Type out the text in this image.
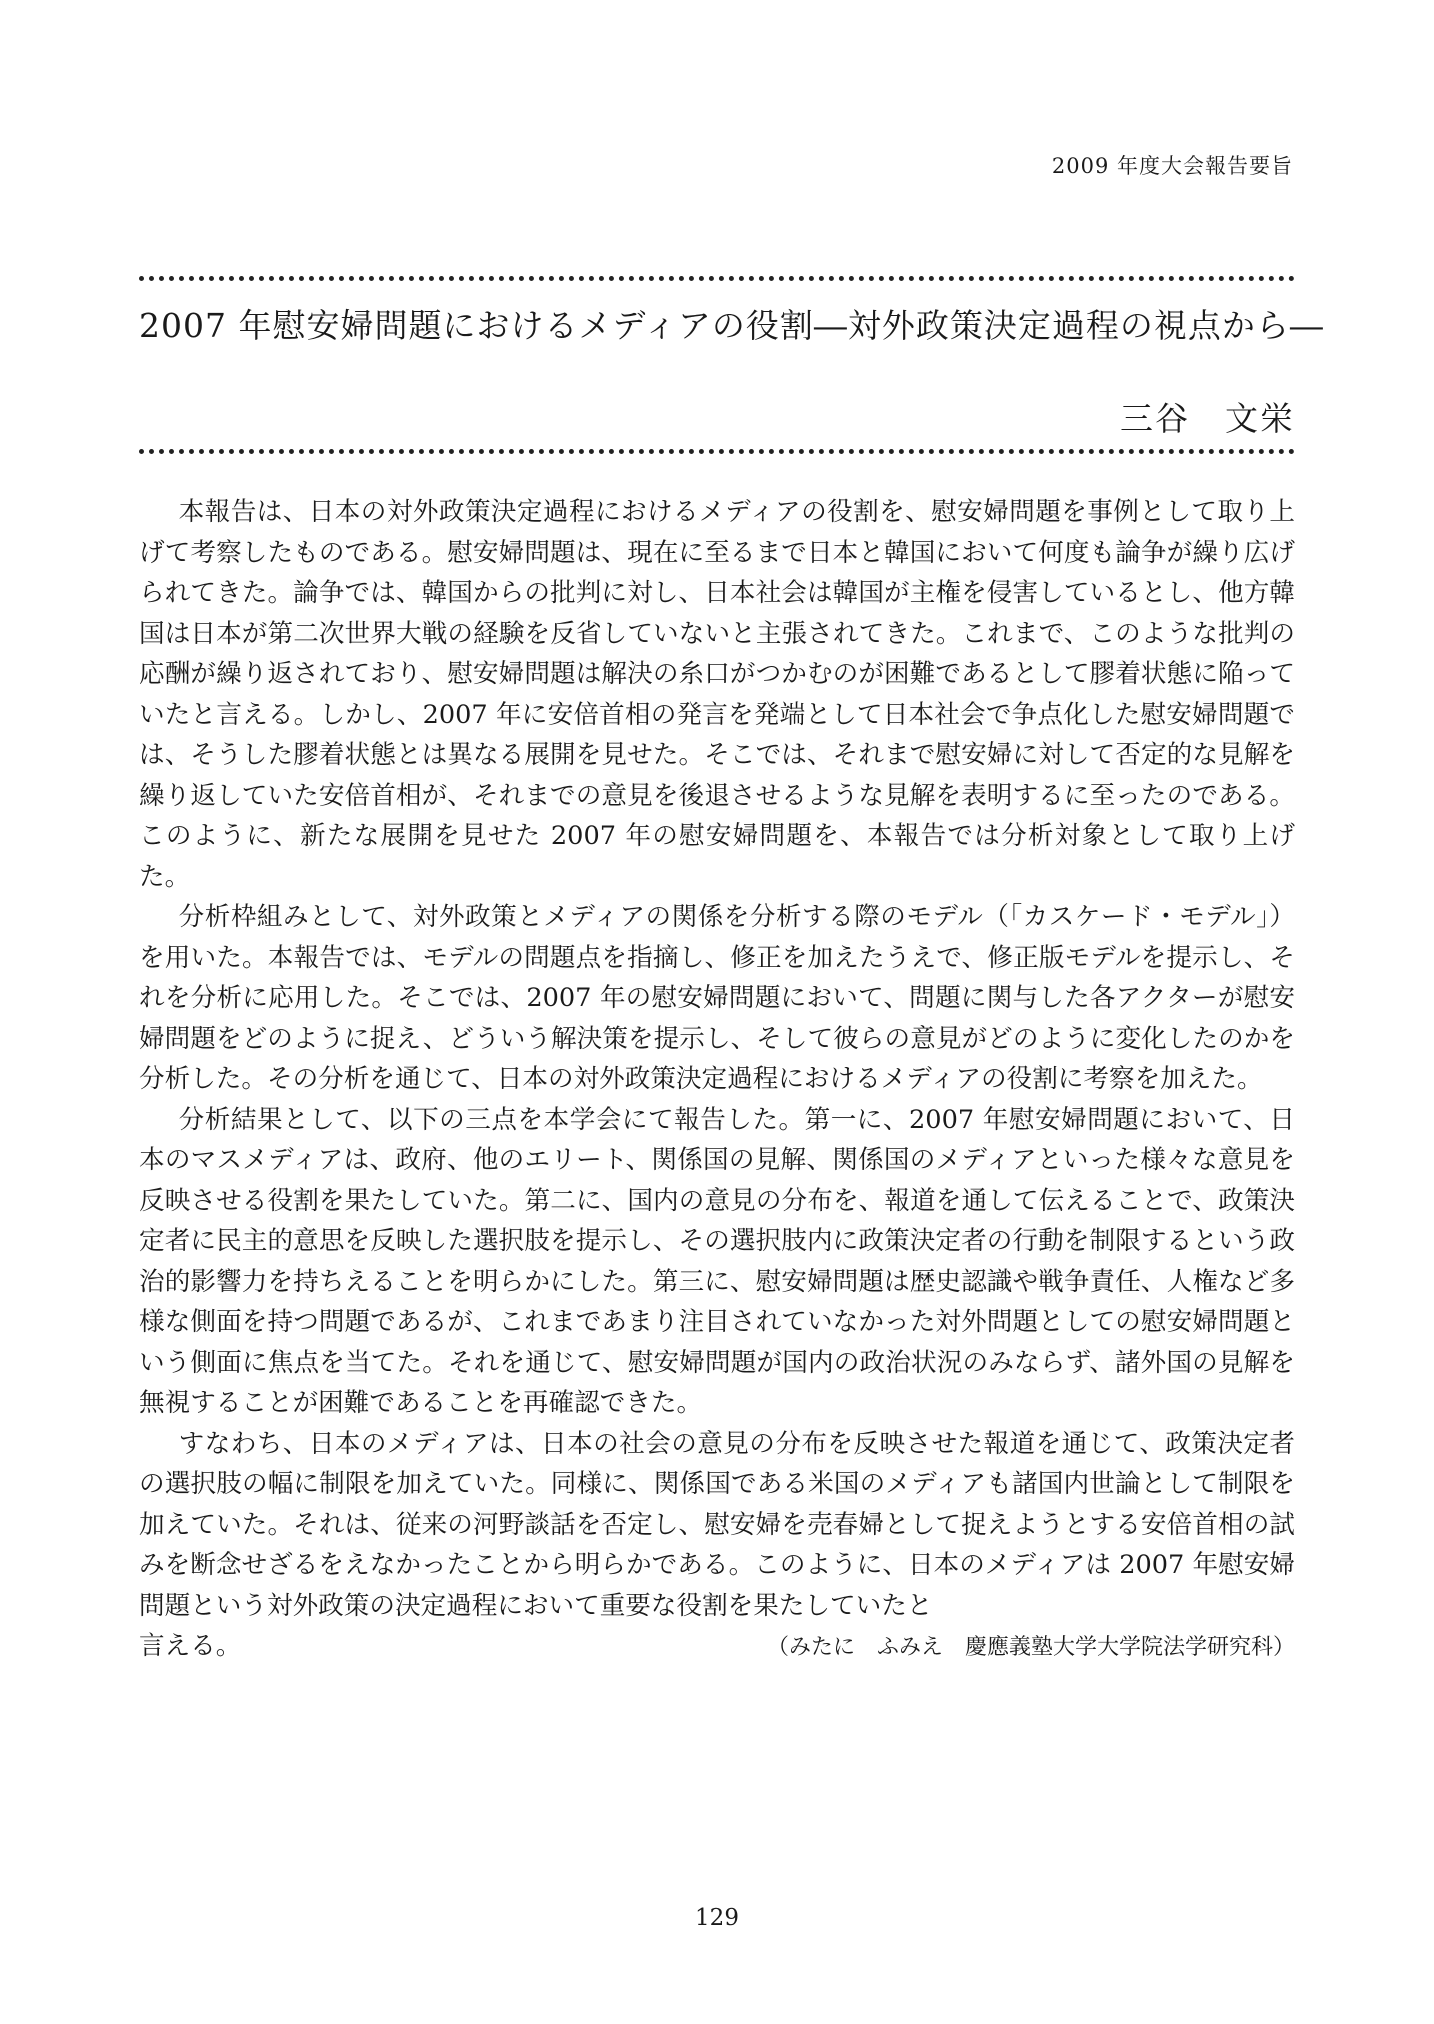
2009 年度大会報告要旨
2007 年慰安婦問題におけるメディアの役割―対外政策決定過程の視点から―
三谷　文栄

本報告は、日本の対外政策決定過程におけるメディアの役割を、慰安婦問題を事例として取り上げて考察したものである。慰安婦問題は、現在に至るまで日本と韓国において何度も論争が繰り広げられてきた。論争では、韓国からの批判に対し、日本社会は韓国が主権を侵害しているとし、他方韓国は日本が第二次世界大戦の経験を反省していないと主張されてきた。これまで、このような批判の応酬が繰り返されており、慰安婦問題は解決の糸口がつかむのが困難であるとして膠着状態に陥っていたと言える。しかし、2007 年に安倍首相の発言を発端として日本社会で争点化した慰安婦問題では、そうした膠着状態とは異なる展開を見せた。そこでは、それまで慰安婦に対して否定的な見解を繰り返していた安倍首相が、それまでの意見を後退させるような見解を表明するに至ったのである。このように、新たな展開を見せた 2007 年の慰安婦問題を、本報告では分析対象として取り上げた。

分析枠組みとして、対外政策とメディアの関係を分析する際のモデル（「カスケード・モデル」）を用いた。本報告では、モデルの問題点を指摘し、修正を加えたうえで、修正版モデルを提示し、それを分析に応用した。そこでは、2007 年の慰安婦問題において、問題に関与した各アクターが慰安婦問題をどのように捉え、どういう解決策を提示し、そして彼らの意見がどのように変化したのかを分析した。その分析を通じて、日本の対外政策決定過程におけるメディアの役割に考察を加えた。

分析結果として、以下の三点を本学会にて報告した。第一に、2007 年慰安婦問題において、日本のマスメディアは、政府、他のエリート、関係国の見解、関係国のメディアといった様々な意見を反映させる役割を果たしていた。第二に、国内の意見の分布を、報道を通して伝えることで、政策決定者に民主的意思を反映した選択肢を提示し、その選択肢内に政策決定者の行動を制限するという政治的影響力を持ちえることを明らかにした。第三に、慰安婦問題は歴史認識や戦争責任、人権など多様な側面を持つ問題であるが、これまであまり注目されていなかった対外問題としての慰安婦問題という側面に焦点を当てた。それを通じて、慰安婦問題が国内の政治状況のみならず、諸外国の見解を無視することが困難であることを再確認できた。

すなわち、日本のメディアは、日本の社会の意見の分布を反映させた報道を通じて、政策決定者の選択肢の幅に制限を加えていた。同様に、関係国である米国のメディアも諸国内世論として制限を加えていた。それは、従来の河野談話を否定し、慰安婦を売春婦として捉えようとする安倍首相の試みを断念せざるをえなかったことから明らかである。このように、日本のメディアは 2007 年慰安婦問題という対外政策の決定過程において重要な役割を果たしていたと

言える。	（みたに　ふみえ　慶應義塾大学大学院法学研究科）
129
